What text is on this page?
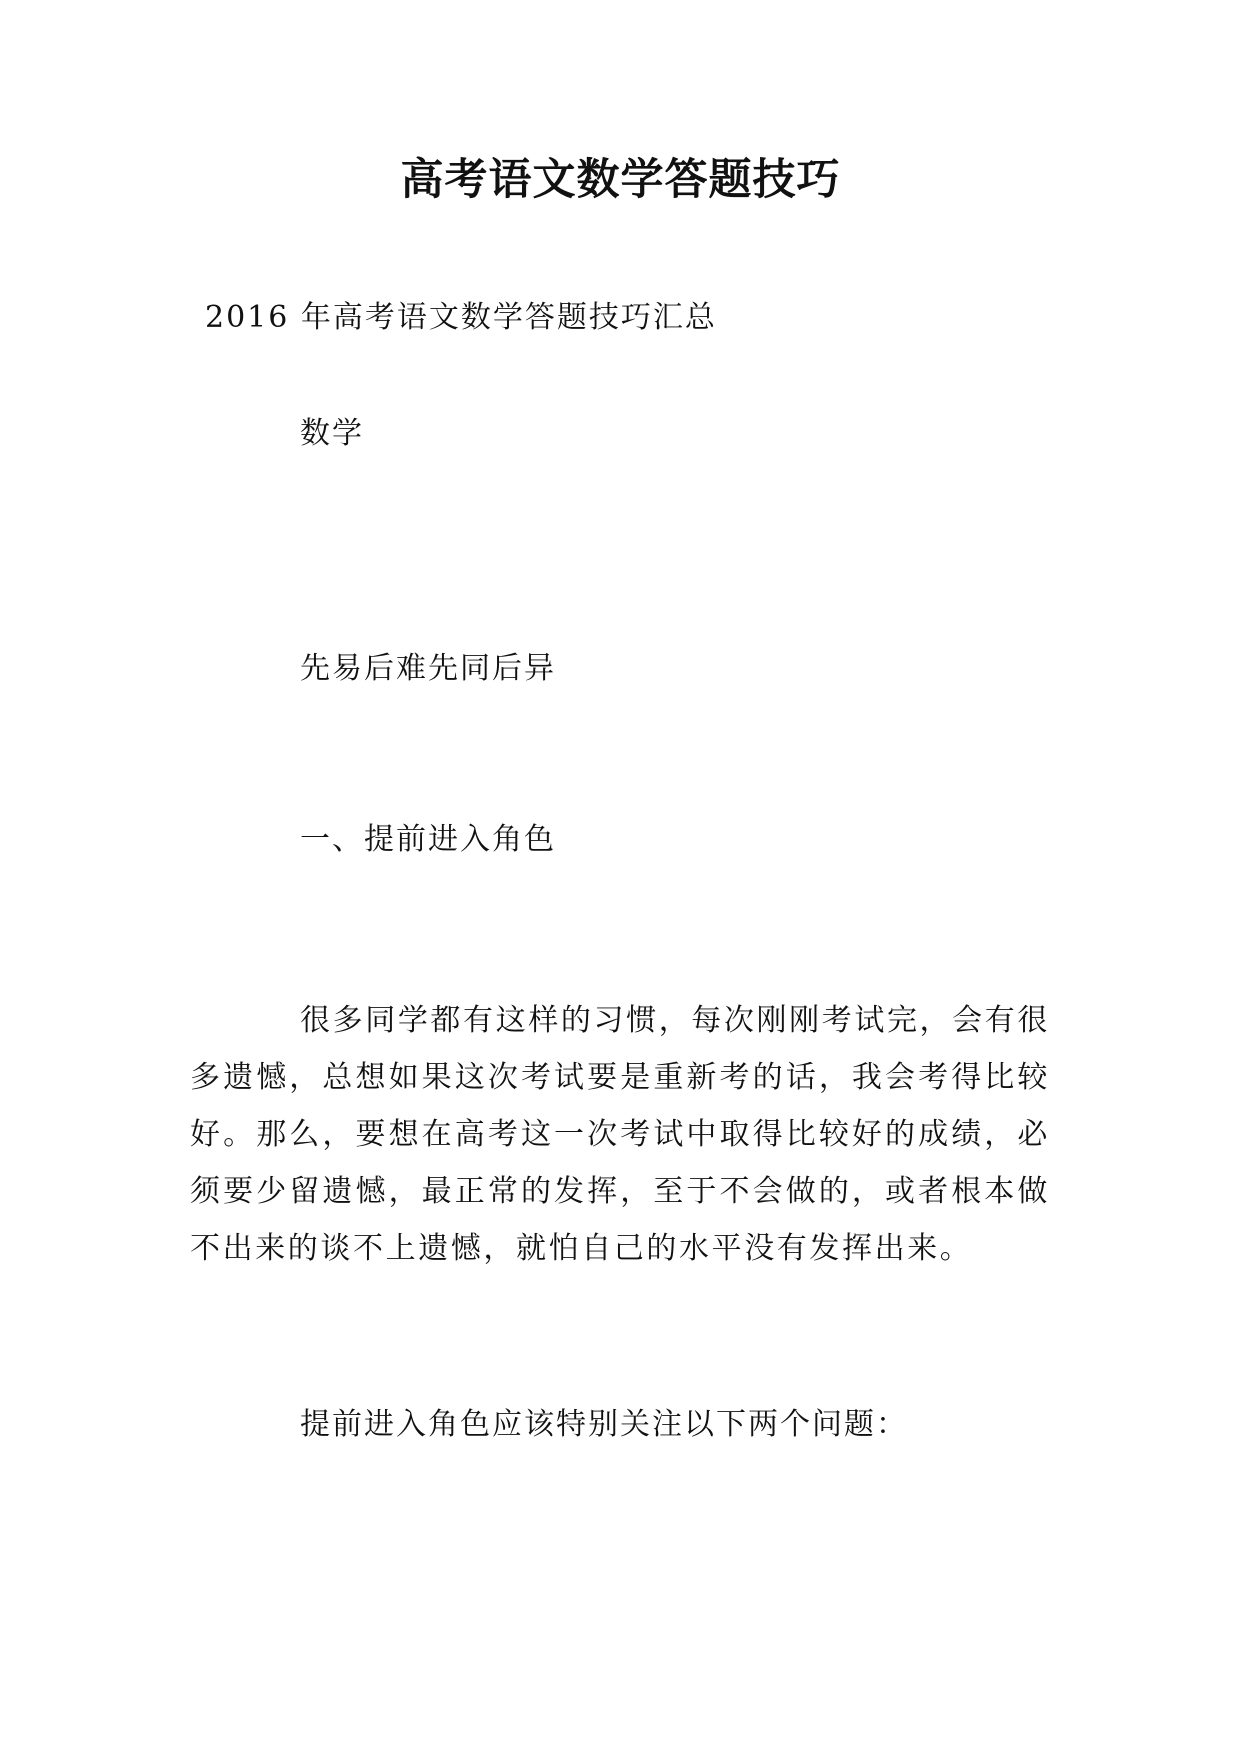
高考语文数学答题技巧
2016 年高考语文数学答题技巧汇总
数学
先易后难先同后异
一、提前进入角色
很多同学都有这样的习惯，每次刚刚考试完，会有很多遗憾，总想如果这次考试要是重新考的话，我会考得比较好。那么，要想在高考这一次考试中取得比较好的成绩，必须要少留遗憾，最正常的发挥，至于不会做的，或者根本做不出来的谈不上遗憾，就怕自己的水平没有发挥出来。
提前进入角色应该特别关注以下两个问题：
